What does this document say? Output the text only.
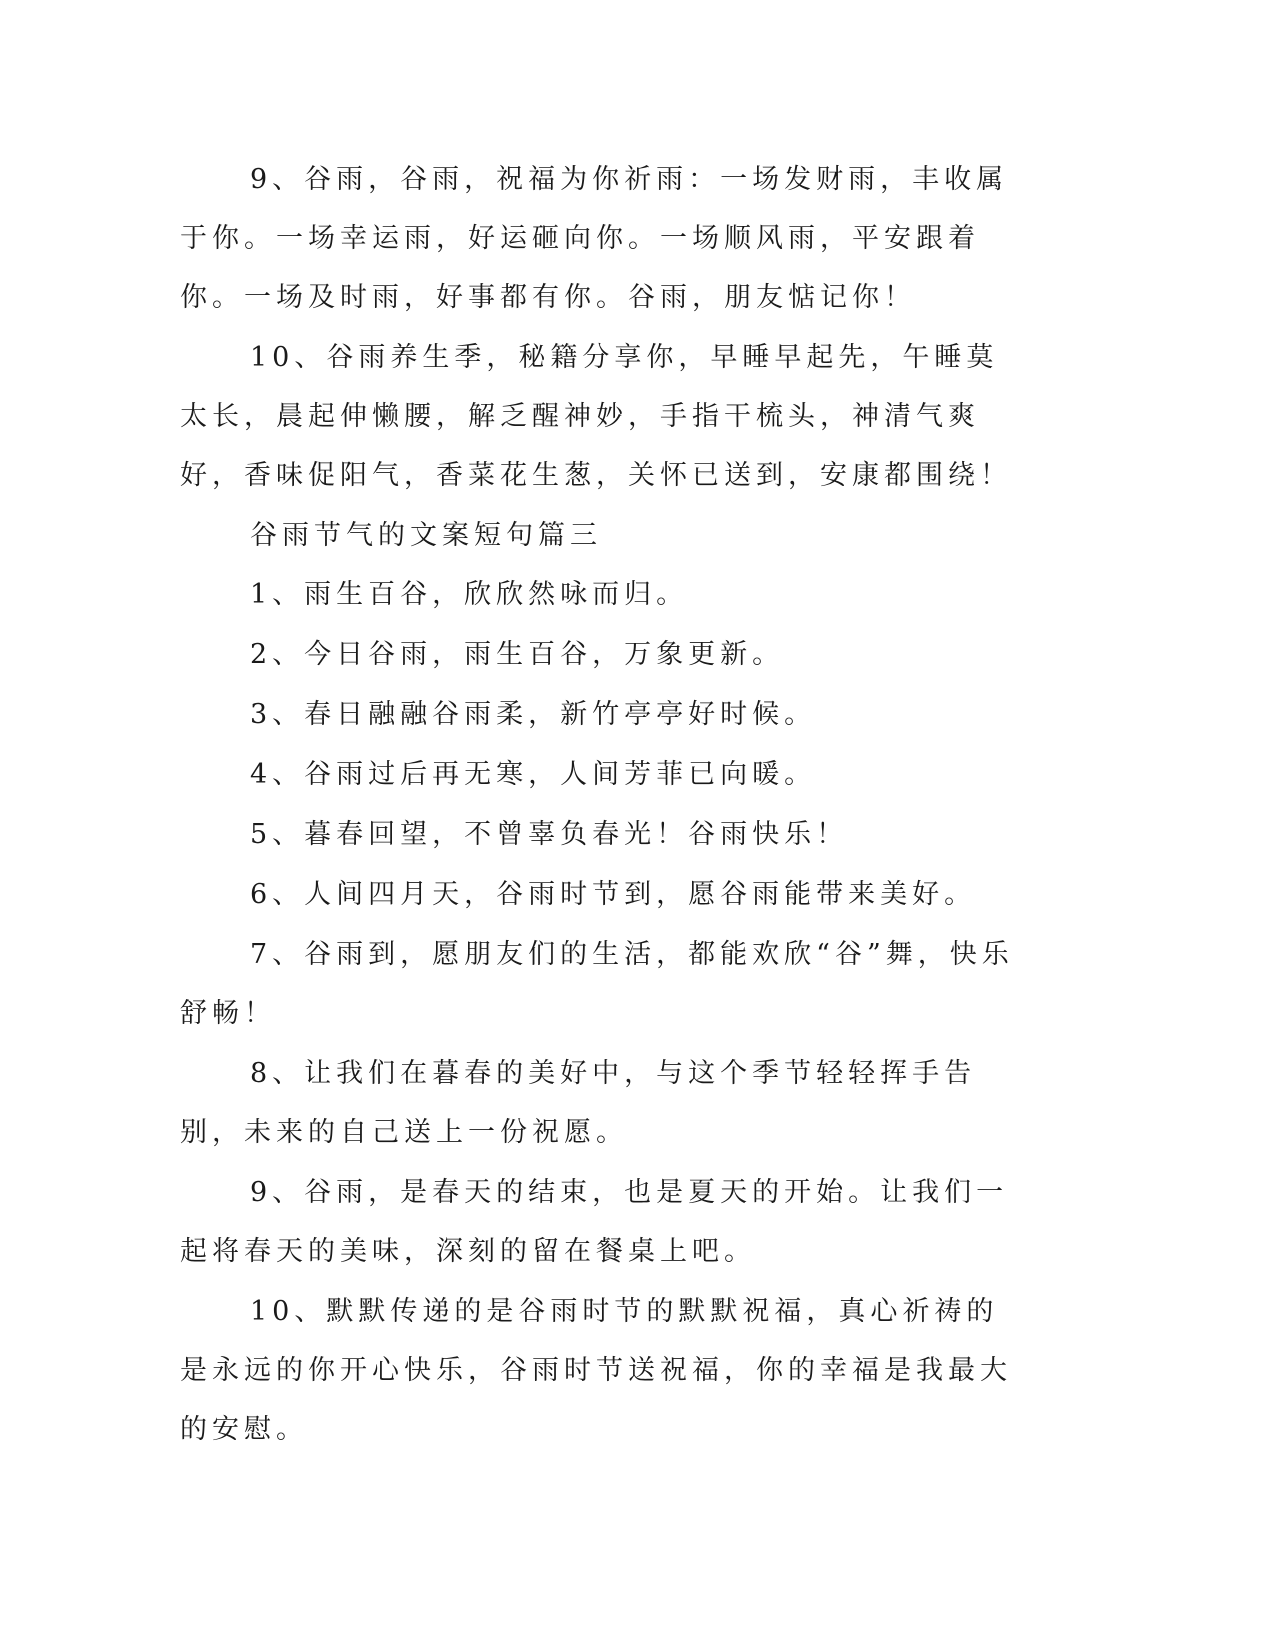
9、谷雨，谷雨，祝福为你祈雨：一场发财雨，丰收属于你。一场幸运雨，好运砸向你。一场顺风雨，平安跟着你。一场及时雨，好事都有你。谷雨，朋友惦记你！

10、谷雨养生季，秘籍分享你，早睡早起先，午睡莫太长，晨起伸懒腰，解乏醒神妙，手指干梳头，神清气爽好，香味促阳气，香菜花生葱，关怀已送到，安康都围绕！

谷雨节气的文案短句篇三

1、雨生百谷，欣欣然咏而归。

2、今日谷雨，雨生百谷，万象更新。

3、春日融融谷雨柔，新竹亭亭好时候。

4、谷雨过后再无寒，人间芳菲已向暖。

5、暮春回望，不曾辜负春光！谷雨快乐！

6、人间四月天，谷雨时节到，愿谷雨能带来美好。

7、谷雨到，愿朋友们的生活，都能欢欣“谷”舞，快乐舒畅！

8、让我们在暮春的美好中，与这个季节轻轻挥手告别，未来的自己送上一份祝愿。

9、谷雨，是春天的结束，也是夏天的开始。让我们一起将春天的美味，深刻的留在餐桌上吧。

10、默默传递的是谷雨时节的默默祝福，真心祈祷的是永远的你开心快乐，谷雨时节送祝福，你的幸福是我最大的安慰。
